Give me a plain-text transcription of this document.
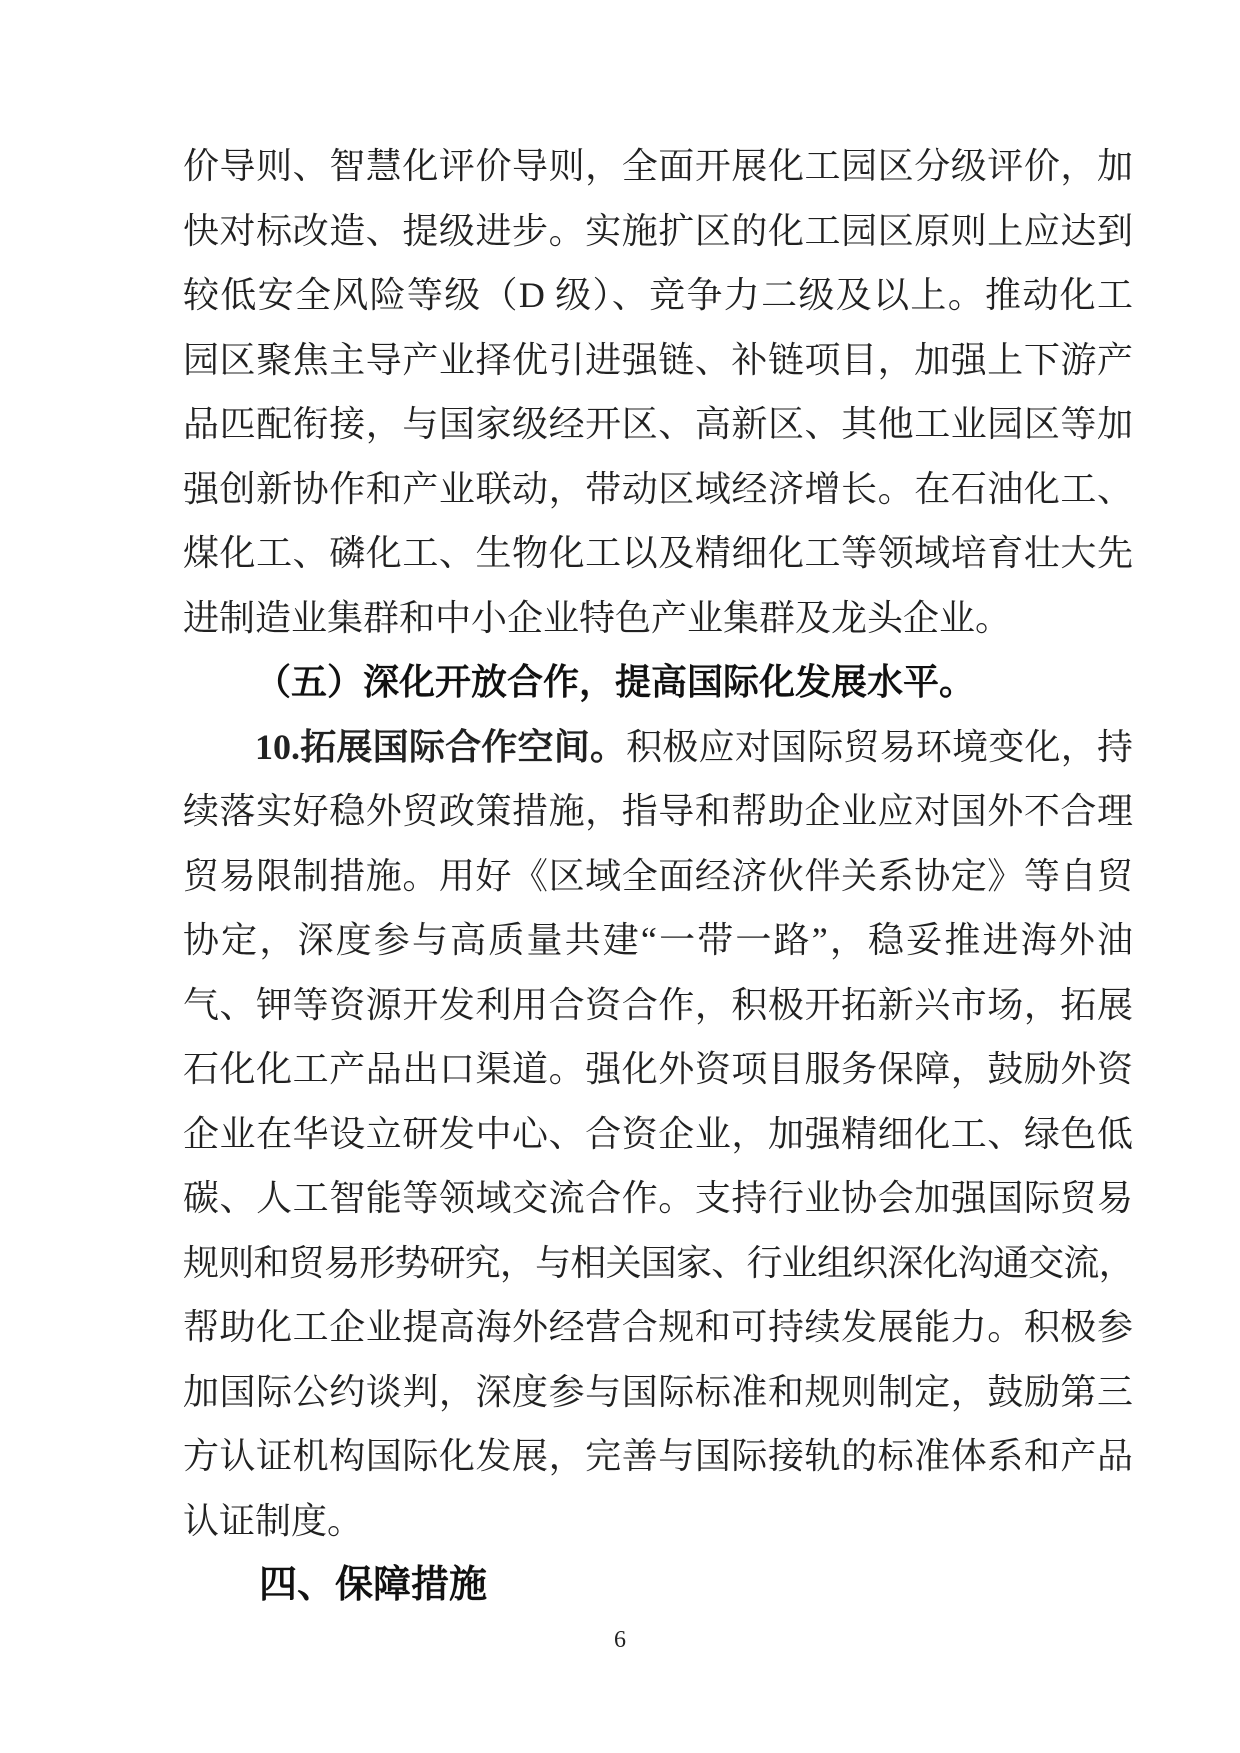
价导则、智慧化评价导则，全面开展化工园区分级评价，加
快对标改造、提级进步。实施扩区的化工园区原则上应达到
较低安全风险等级（D 级）、竞争力二级及以上。推动化工
园区聚焦主导产业择优引进强链、补链项目，加强上下游产
品匹配衔接，与国家级经开区、高新区、其他工业园区等加
强创新协作和产业联动，带动区域经济增长。在石油化工、
煤化工、磷化工、生物化工以及精细化工等领域培育壮大先
进制造业集群和中小企业特色产业集群及龙头企业。
（五）深化开放合作，提高国际化发展水平。
10.拓展国际合作空间。积极应对国际贸易环境变化，持
续落实好稳外贸政策措施，指导和帮助企业应对国外不合理
贸易限制措施。用好《区域全面经济伙伴关系协定》等自贸
协定，深度参与高质量共建“一带一路”，稳妥推进海外油
气、钾等资源开发利用合资合作，积极开拓新兴市场，拓展
石化化工产品出口渠道。强化外资项目服务保障，鼓励外资
企业在华设立研发中心、合资企业，加强精细化工、绿色低
碳、人工智能等领域交流合作。支持行业协会加强国际贸易
规则和贸易形势研究，与相关国家、行业组织深化沟通交流，
帮助化工企业提高海外经营合规和可持续发展能力。积极参
加国际公约谈判，深度参与国际标准和规则制定，鼓励第三
方认证机构国际化发展，完善与国际接轨的标准体系和产品
认证制度。
四、保障措施
6
